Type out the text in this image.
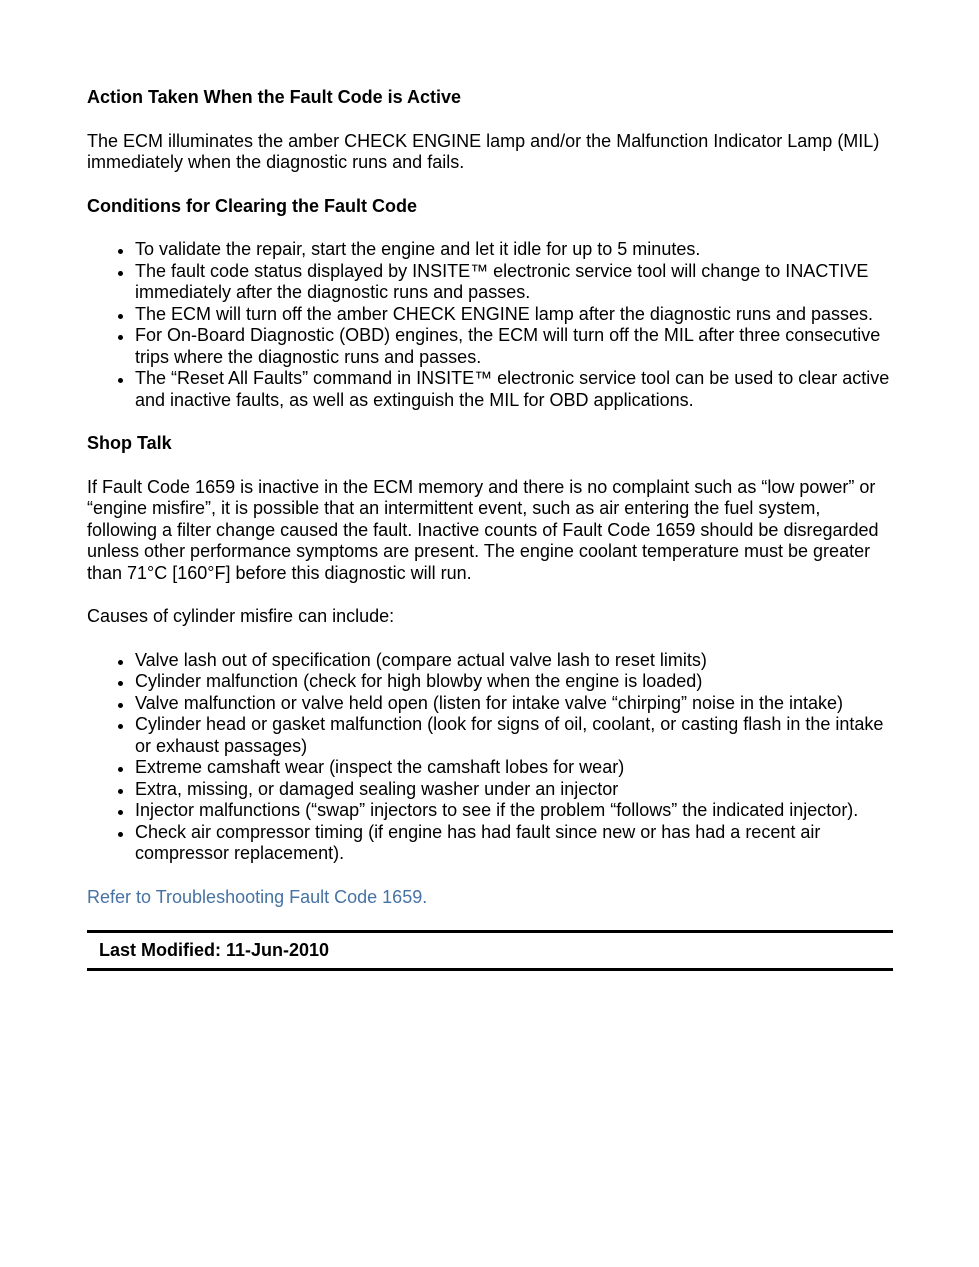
Action Taken When the Fault Code is Active

The ECM illuminates the amber CHECK ENGINE lamp and/or the Malfunction Indicator Lamp (MIL) immediately when the diagnostic runs and fails.

Conditions for Clearing the Fault Code
To validate the repair, start the engine and let it idle for up to 5 minutes.
The fault code status displayed by INSITE™ electronic service tool will change to INACTIVE immediately after the diagnostic runs and passes.
The ECM will turn off the amber CHECK ENGINE lamp after the diagnostic runs and passes.
For On-Board Diagnostic (OBD) engines, the ECM will turn off the MIL after three consecutive trips where the diagnostic runs and passes.
The “Reset All Faults” command in INSITE™ electronic service tool can be used to clear active and inactive faults, as well as extinguish the MIL for OBD applications.
Shop Talk

If Fault Code 1659 is inactive in the ECM memory and there is no complaint such as “low power” or “engine misfire”, it is possible that an intermittent event, such as air entering the fuel system, following a filter change caused the fault. Inactive counts of Fault Code 1659 should be disregarded unless other performance symptoms are present. The engine coolant temperature must be greater than 71°C [160°F] before this diagnostic will run.

Causes of cylinder misfire can include:

Valve lash out of specification (compare actual valve lash to reset limits)
Cylinder malfunction (check for high blowby when the engine is loaded)
Valve malfunction or valve held open (listen for intake valve “chirping” noise in the intake)
Cylinder head or gasket malfunction (look for signs of oil, coolant, or casting flash in the intake or exhaust passages)
Extreme camshaft wear (inspect the camshaft lobes for wear)
Extra, missing, or damaged sealing washer under an injector
Injector malfunctions (“swap” injectors to see if the problem “follows” the indicated injector).
Check air compressor timing (if engine has had fault since new or has had a recent air compressor replacement).

Refer to Troubleshooting Fault Code 1659.

Last Modified: 11-Jun-2010
